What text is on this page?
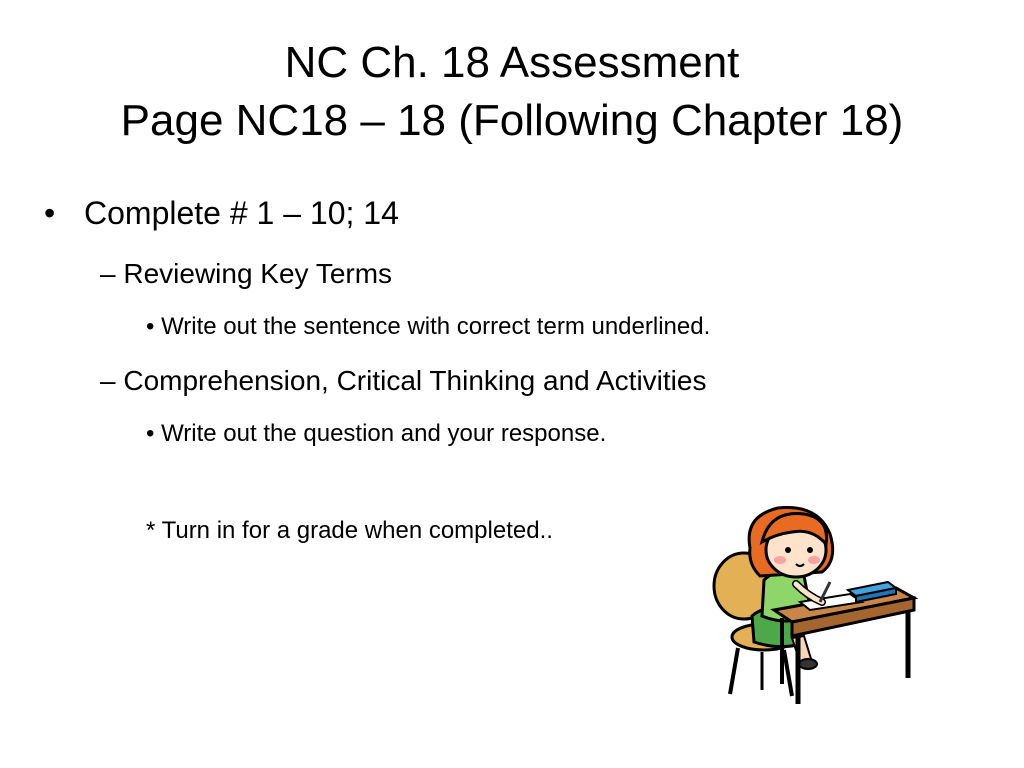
NC Ch. 18 Assessment
Page NC18 – 18 (Following Chapter 18)
• Complete # 1 – 10; 14
– Reviewing Key Terms
• Write out the sentence with correct term underlined.
– Comprehension, Critical Thinking and Activities
• Write out the question and your response.
* Turn in for a grade when completed..
